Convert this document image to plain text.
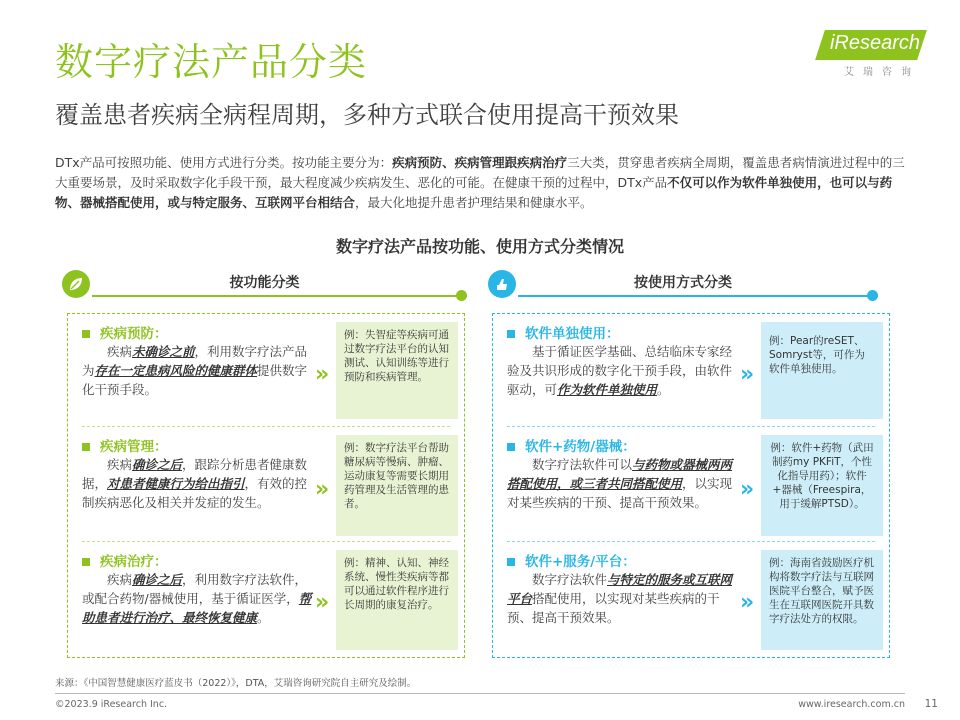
数字疗法产品分类
覆盖患者疾病全病程周期，多种方式联合使用提高干预效果
iResearch
艾瑞咨询
DTx产品可按照功能、使用方式进行分类。按功能主要分为：疾病预防、疾病管理跟疾病治疗三大类，贯穿患者疾病全周期，覆盖患者病情演进过程中的三大重要场景，及时采取数字化手段干预，最大程度减少疾病发生、恶化的可能。在健康干预的过程中，DTx产品不仅可以作为软件单独使用，也可以与药物、器械搭配使用，或与特定服务、互联网平台相结合，最大化地提升患者护理结果和健康水平。
数字疗法产品按功能、使用方式分类情况
按功能分类	按使用方式分类
疾病预防：
疾病未确诊之前，利用数字疗法产品为存在一定患病风险的健康群体提供数字化干预手段。
»
例：失智症等疾病可通过数字疗法平台的认知测试、认知训练等进行预防和疾病管理。
疾病管理：
疾病确诊之后，跟踪分析患者健康数据，对患者健康行为给出指引，有效的控制疾病恶化及相关并发症的发生。
»
例：数字疗法平台帮助糖尿病等慢病、肿瘤、运动康复等需要长期用药管理及生活管理的患者。
疾病治疗：
疾病确诊之后，利用数字疗法软件，或配合药物/器械使用，基于循证医学，帮助患者进行治疗、最终恢复健康。
»
例：精神、认知、神经系统、慢性类疾病等都可以通过软件程序进行长周期的康复治疗。
软件单独使用：
基于循证医学基础、总结临床专家经验及共识形成的数字化干预手段，由软件驱动，可作为软件单独使用。
»
例：Pear的reSET、Somryst等，可作为软件单独使用。
软件+药物/器械：
数字疗法软件可以与药物或器械两两搭配使用，或三者共同搭配使用，以实现对某些疾病的干预、提高干预效果。
»
例：软件+药物（武田制药my PKFiT，个性化指导用药）；软件+器械（Freespira，用于缓解PTSD）。
软件+服务/平台：
数字疗法软件与特定的服务或互联网平台搭配使用，以实现对某些疾病的干预、提高干预效果。
»
例：海南省鼓励医疗机构将数字疗法与互联网医院平台整合，赋予医生在互联网医院开具数字疗法处方的权限。
来源：《中国智慧健康医疗蓝皮书（2022）》，DTA，艾瑞咨询研究院自主研究及绘制。
©2023.9 iResearch Inc.	www.iresearch.com.cn 11
